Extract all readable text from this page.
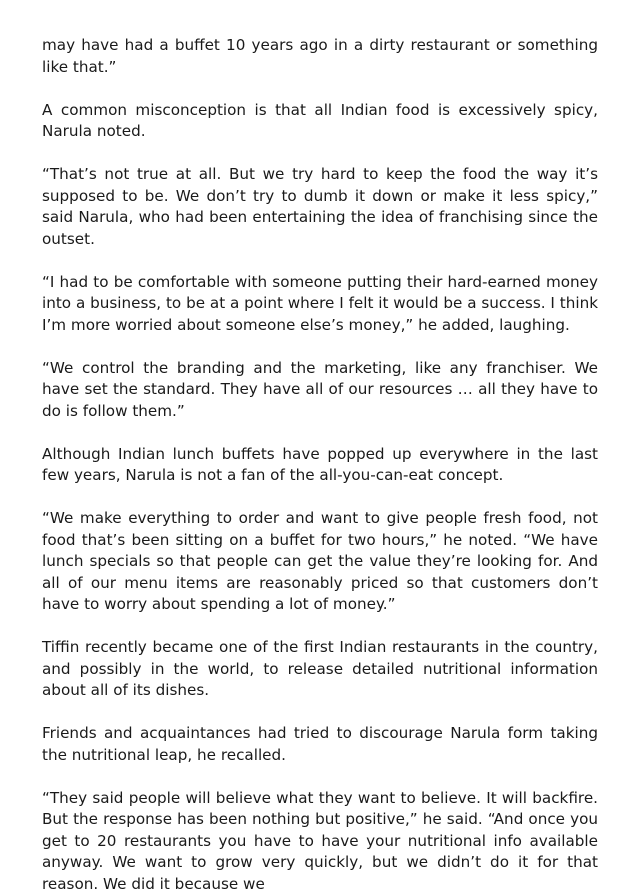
may have had a buffet 10 years ago in a dirty restaurant or something like that.”

A common misconception is that all Indian food is excessively spicy, Narula noted.

“That’s not true at all. But we try hard to keep the food the way it’s supposed to be. We don’t try to dumb it down or make it less spicy,” said Narula, who had been entertaining the idea of franchising since the outset.

“I had to be comfortable with someone putting their hard-earned money into a business, to be at a point where I felt it would be a success. I think I’m more worried about someone else’s money,” he added, laughing.

“We control the branding and the marketing, like any franchiser. We have set the standard. They have all of our resources … all they have to do is follow them.”

Although Indian lunch buffets have popped up everywhere in the last few years, Narula is not a fan of the all-you-can-eat concept.

“We make everything to order and want to give people fresh food, not food that’s been sitting on a buffet for two hours,” he noted. “We have lunch specials so that people can get the value they’re looking for. And all of our menu items are reasonably priced so that customers don’t have to worry about spending a lot of money.”

Tiffin recently became one of the first Indian restaurants in the country, and possibly in the world, to release detailed nutritional information about all of its dishes.

Friends and acquaintances had tried to discourage Narula form taking the nutritional leap, he recalled.

“They said people will believe what they want to believe. It will backfire. But the response has been nothing but positive,” he said. “And once you get to 20 restaurants you have to have your nutritional info available anyway. We want to grow very quickly, but we didn’t do it for that reason. We did it because we
